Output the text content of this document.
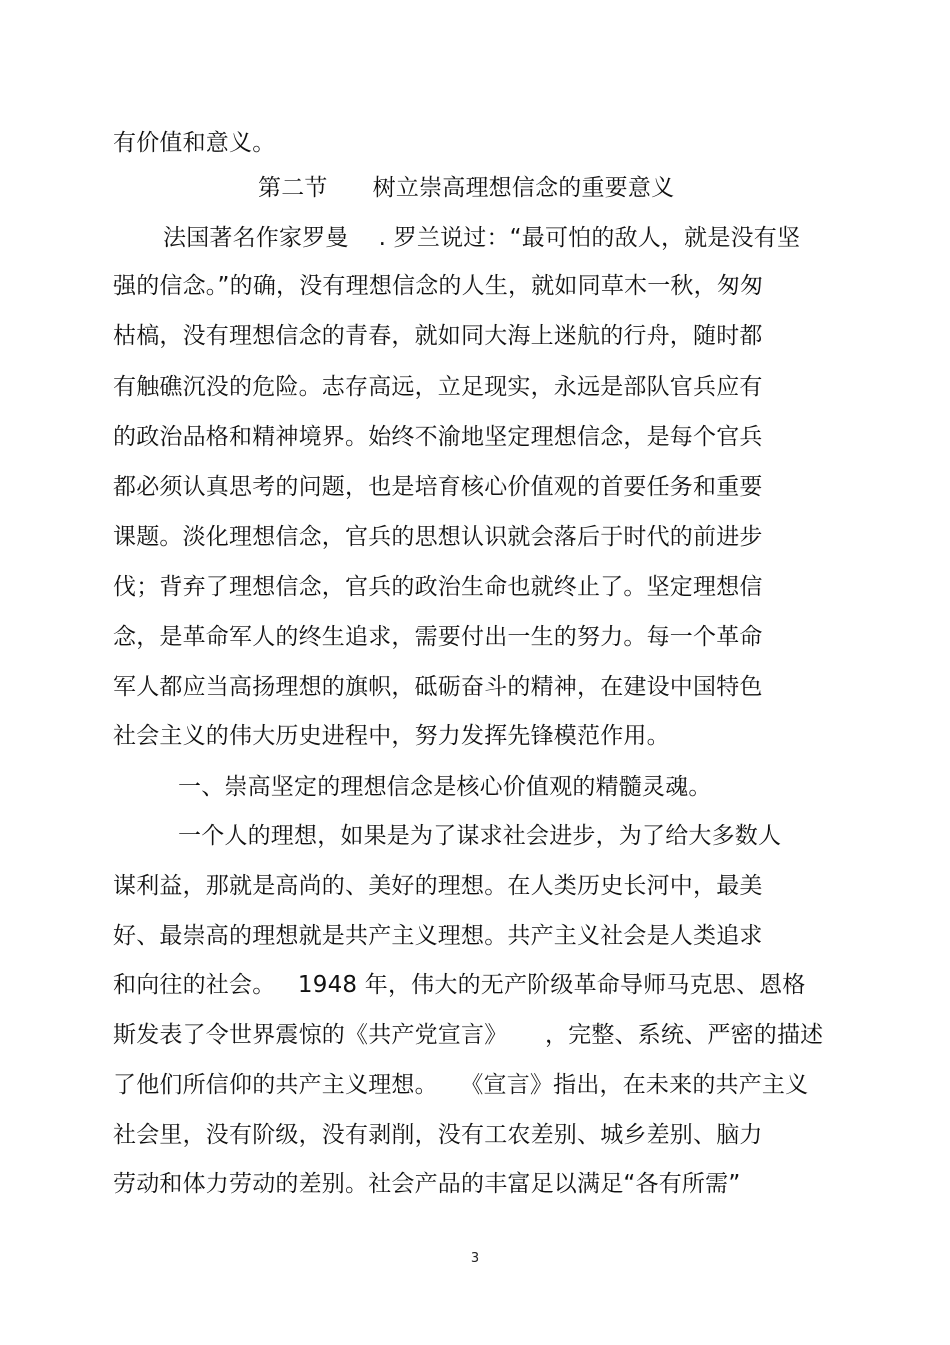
有价值和意义。
第二节      树立崇高理想信念的重要意义
法国著名作家罗曼    . 罗兰说过：“最可怕的敌人，就是没有坚
强的信念。”的确，没有理想信念的人生，就如同草木一秋，匆匆
枯槁，没有理想信念的青春，就如同大海上迷航的行舟，随时都
有触礁沉没的危险。志存高远，立足现实，永远是部队官兵应有
的政治品格和精神境界。始终不渝地坚定理想信念，是每个官兵
都必须认真思考的问题，也是培育核心价值观的首要任务和重要
课题。淡化理想信念，官兵的思想认识就会落后于时代的前进步
伐；背弃了理想信念，官兵的政治生命也就终止了。坚定理想信
念，是革命军人的终生追求，需要付出一生的努力。每一个革命
军人都应当高扬理想的旗帜，砥砺奋斗的精神，在建设中国特色
社会主义的伟大历史进程中，努力发挥先锋模范作用。
一、崇高坚定的理想信念是核心价值观的精髓灵魂。
一个人的理想，如果是为了谋求社会进步，为了给大多数人
谋利益，那就是高尚的、美好的理想。在人类历史长河中，最美
好、最崇高的理想就是共产主义理想。共产主义社会是人类追求
和向往的社会。   1948 年，伟大的无产阶级革命导师马克思、恩格
斯发表了令世界震惊的《共产党宣言》     ，完整、系统、严密的描述
了他们所信仰的共产主义理想。   《宣言》指出，在未来的共产主义
社会里，没有阶级，没有剥削，没有工农差别、城乡差别、脑力
劳动和体力劳动的差别。社会产品的丰富足以满足“各有所需”
3
